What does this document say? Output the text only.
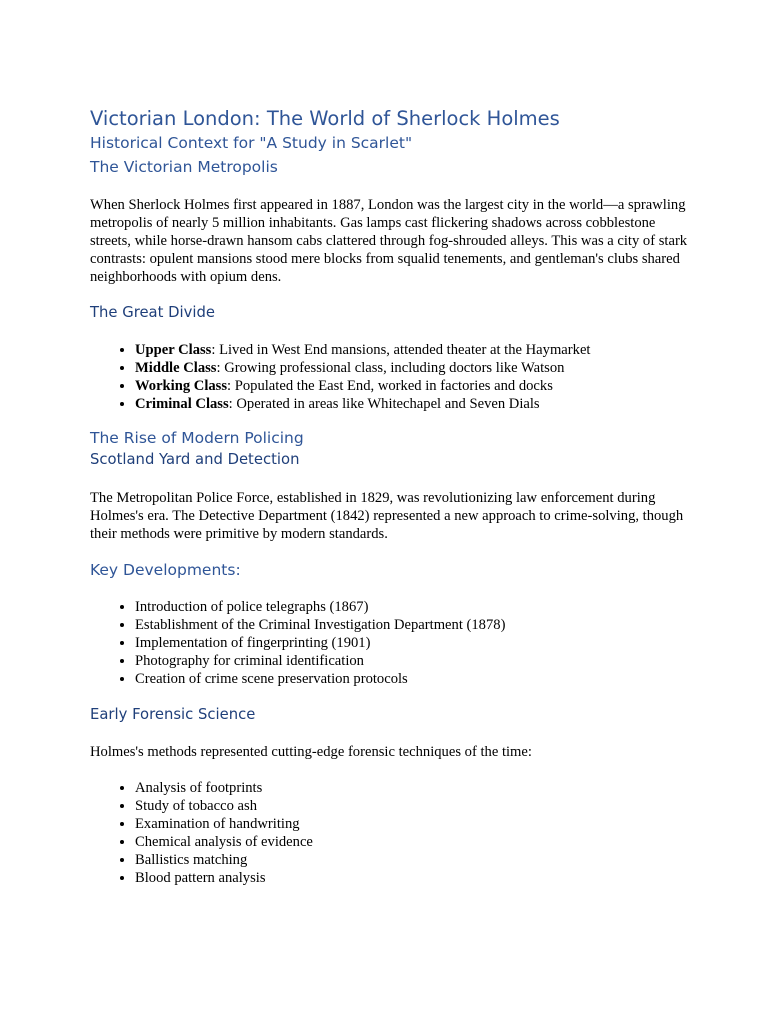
Victorian London: The World of Sherlock Holmes
Historical Context for "A Study in Scarlet"
The Victorian Metropolis

When Sherlock Holmes first appeared in 1887, London was the largest city in the world—a sprawling metropolis of nearly 5 million inhabitants. Gas lamps cast flickering shadows across cobblestone streets, while horse-drawn hansom cabs clattered through fog-shrouded alleys. This was a city of stark contrasts: opulent mansions stood mere blocks from squalid tenements, and gentleman's clubs shared neighborhoods with opium dens.

The Great Divide
• Upper Class: Lived in West End mansions, attended theater at the Haymarket
• Middle Class: Growing professional class, including doctors like Watson
• Working Class: Populated the East End, worked in factories and docks
• Criminal Class: Operated in areas like Whitechapel and Seven Dials
The Rise of Modern Policing
Scotland Yard and Detection

The Metropolitan Police Force, established in 1829, was revolutionizing law enforcement during Holmes's era. The Detective Department (1842) represented a new approach to crime-solving, though their methods were primitive by modern standards.

Key Developments:
• Introduction of police telegraphs (1867)
• Establishment of the Criminal Investigation Department (1878)
• Implementation of fingerprinting (1901)
• Photography for criminal identification
• Creation of crime scene preservation protocols
Early Forensic Science

Holmes's methods represented cutting-edge forensic techniques of the time:

• Analysis of footprints
• Study of tobacco ash
• Examination of handwriting
• Chemical analysis of evidence
• Ballistics matching
• Blood pattern analysis
